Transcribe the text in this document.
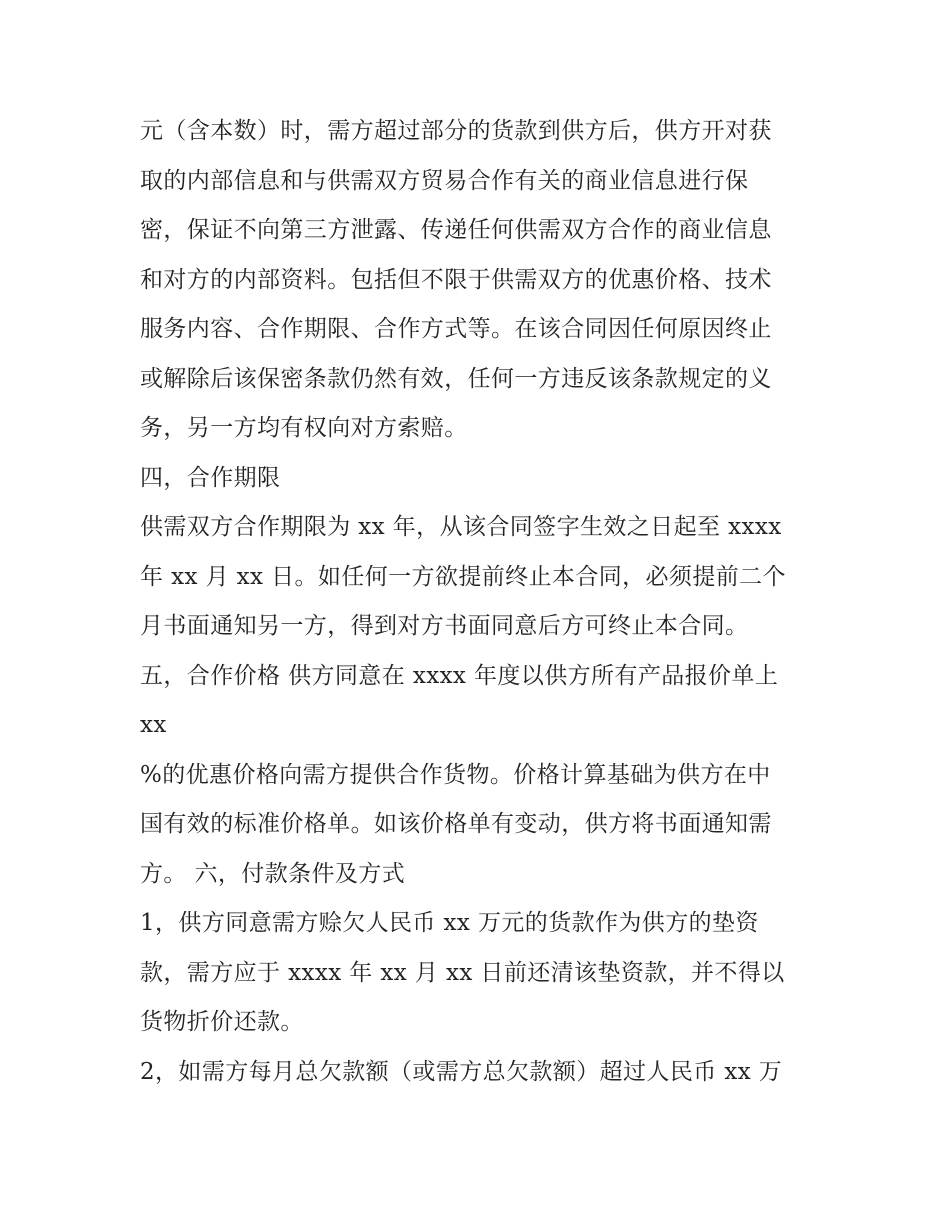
元（含本数）时，需方超过部分的货款到供方后，供方开对获
取的内部信息和与供需双方贸易合作有关的商业信息进行保
密，保证不向第三方泄露、传递任何供需双方合作的商业信息
和对方的内部资料。包括但不限于供需双方的优惠价格、技术
服务内容、合作期限、合作方式等。在该合同因任何原因终止
或解除后该保密条款仍然有效，任何一方违反该条款规定的义
务，另一方均有权向对方索赔。
四，合作期限
供需双方合作期限为 xx 年，从该合同签字生效之日起至 xxxx
年 xx 月 xx 日。如任何一方欲提前终止本合同，必须提前二个
月书面通知另一方，得到对方书面同意后方可终止本合同。
五，合作价格 供方同意在 xxxx 年度以供方所有产品报价单上
xx
%的优惠价格向需方提供合作货物。价格计算基础为供方在中
国有效的标准价格单。如该价格单有变动，供方将书面通知需
方。 六，付款条件及方式
1，供方同意需方赊欠人民币 xx 万元的货款作为供方的垫资
款，需方应于 xxxx 年 xx 月 xx 日前还清该垫资款，并不得以
货物折价还款。
2，如需方每月总欠款额（或需方总欠款额）超过人民币 xx 万
